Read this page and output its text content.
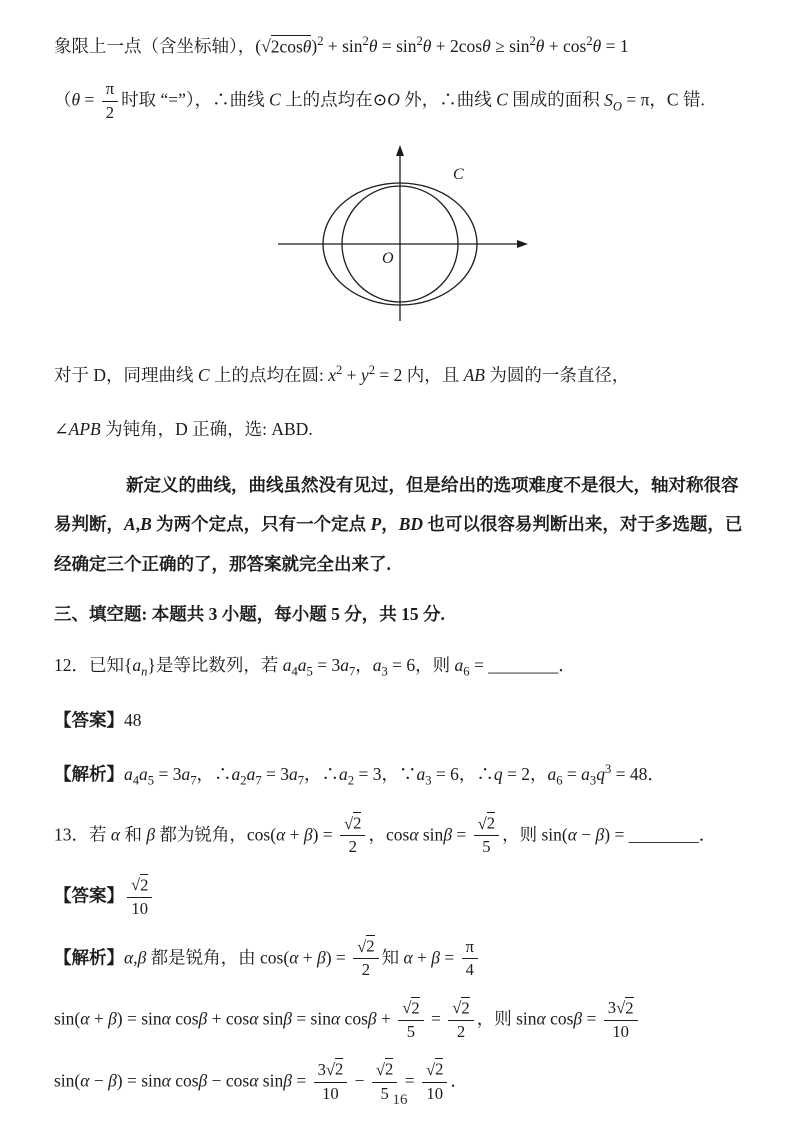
象限上一点（含坐标轴），$(√2\cos\theta)^2 + \sin^2\theta = \sin^2\theta + 2\cos\theta \ge \sin^2\theta + \cos^2\theta = 1$

（$\theta = \frac{\pi}{2}$ 时取 “=”），∴曲线 C 上的点均在⊙O 外，∴曲线 C 围成的面积 $S_O = \pi$，C 错.

C
O

对于 D，同理曲线 C 上的点均在圆: $x^2 + y^2 = 2$ 内，且 AB 为圆的一条直径，

∠APB 为钝角，D 正确，选: ABD.

新定义的曲线，曲线虽然没有见过，但是给出的选项难度不是很大，轴对称很容易判断，A,B 为两个定点，只有一个定点 P，BD 也可以很容易判断出来，对于多选题，已经确定三个正确的了，那答案就完全出来了.

三、填空题: 本题共 3 小题，每小题 5 分，共 15 分.

12．已知$\{a_n\}$是等比数列，若 $a_4a_5 = 3a_7$，$a_3 = 6$，则 $a_6$ = ________．

【答案】48

【解析】$a_4a_5 = 3a_7$，$\therefore a_2a_7 = 3a_7$，$\therefore a_2 = 3$，$\because a_3 = 6$，∴q = 2，$a_6 = a_3q^3 = 48$．

13．若 α 和 β 都为锐角，$\cos(\alpha + \beta) = \frac{√2}{2}$ ，cosα $\sin\beta = \frac{√2}{5}$ ，则 sin(α − β) = ________．

【答案】 $\frac{√2}{10}$

【解析】α,β 都是锐角，由 $\cos(\alpha + \beta) = \frac{√2}{2}$ 知 $\alpha + \beta = \frac{\pi}{4}$

sin(α + β) = sinα cosβ + cosα sinβ = sinα $\cos\beta + \frac{√2}{5} = \frac{√2}{2}$ ，则 sinα $\cos\beta = \frac{3√2}{10}$

sin(α − β) = sinα cosβ − cosα $\sin\beta = \frac{3√2}{10} - \frac{√2}{5} = \frac{√2}{10}$ ．

16
